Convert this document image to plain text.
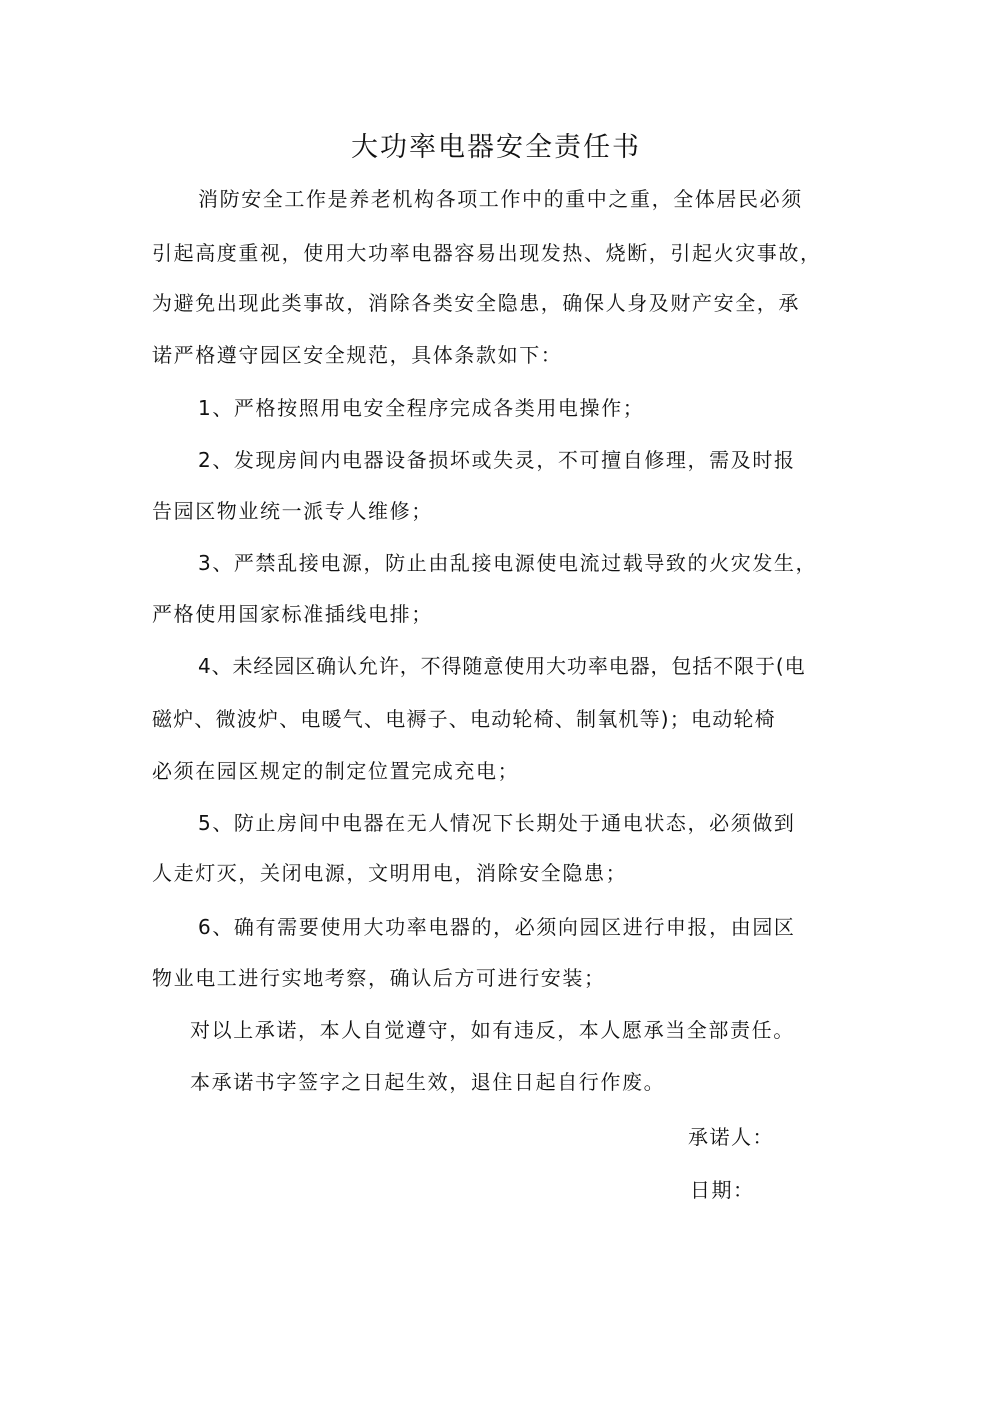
大功率电器安全责任书
消防安全工作是养老机构各项工作中的重中之重，全体居民必须
引起高度重视，使用大功率电器容易出现发热、烧断，引起火灾事故，
为避免出现此类事故，消除各类安全隐患，确保人身及财产安全，承
诺严格遵守园区安全规范，具体条款如下：
1、严格按照用电安全程序完成各类用电操作；
2、发现房间内电器设备损坏或失灵，不可擅自修理，需及时报
告园区物业统一派专人维修；
3、严禁乱接电源，防止由乱接电源使电流过载导致的火灾发生，
严格使用国家标准插线电排；
4、未经园区确认允许，不得随意使用大功率电器，包括不限于(电
磁炉、微波炉、电暖气、电褥子、电动轮椅、制氧机等)；电动轮椅
必须在园区规定的制定位置完成充电；
5、防止房间中电器在无人情况下长期处于通电状态，必须做到
人走灯灭，关闭电源，文明用电，消除安全隐患；
6、确有需要使用大功率电器的，必须向园区进行申报，由园区
物业电工进行实地考察，确认后方可进行安装；
对以上承诺，本人自觉遵守，如有违反，本人愿承当全部责任。
本承诺书字签字之日起生效，退住日起自行作废。
承诺人：
日期：
